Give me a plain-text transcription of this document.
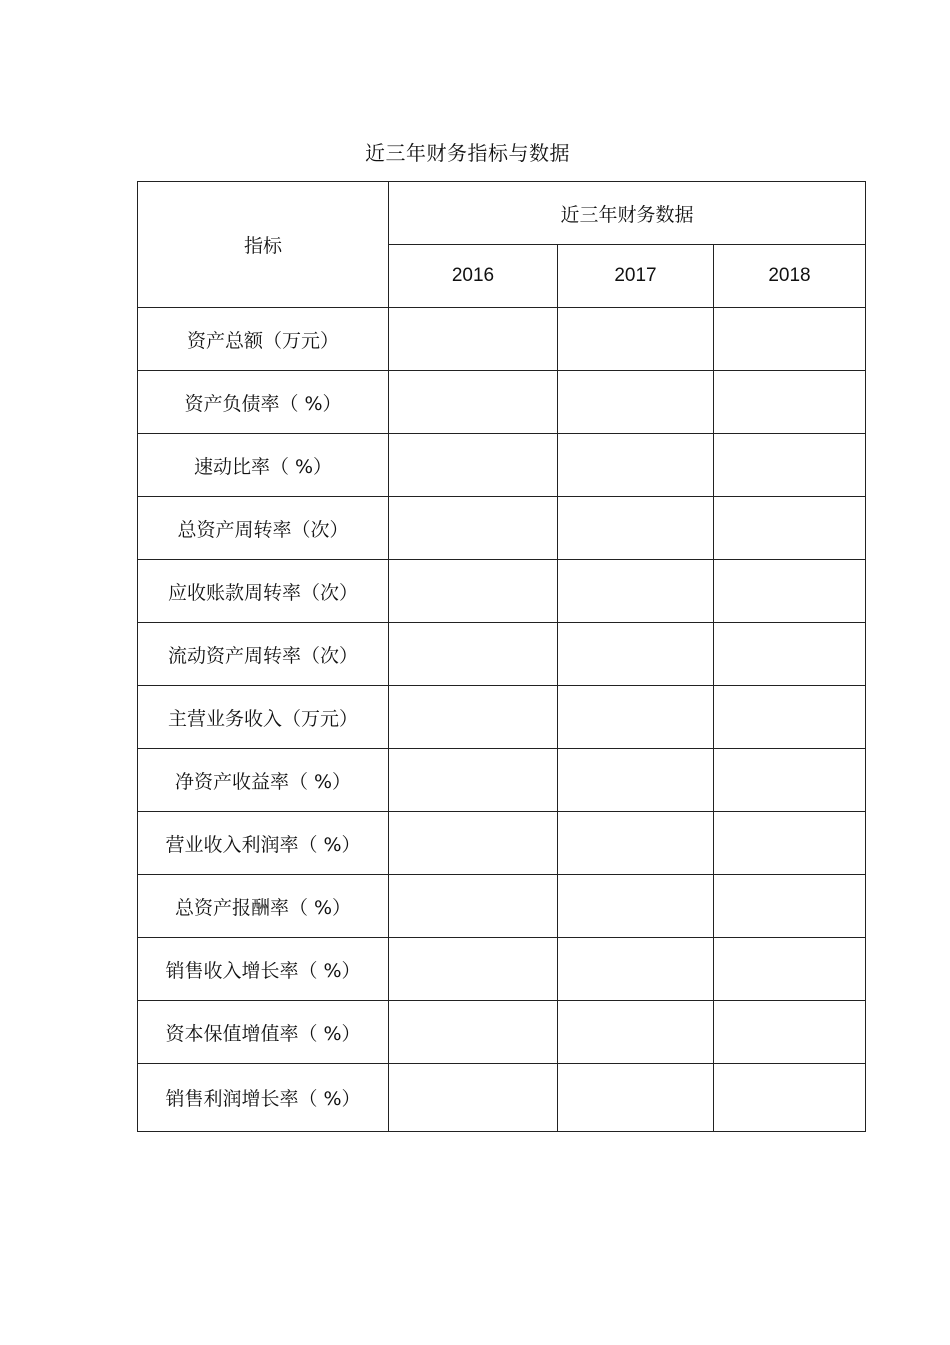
近三年财务指标与数据
指标	近三年财务数据		
	2016	2017	2018
资产总额（万元）			
资产负债率（ %）			
速动比率（ %）			
总资产周转率（次）			
应收账款周转率（次）			
流动资产周转率（次）			
主营业务收入（万元）			
净资产收益率（ %）			
营业收入利润率（ %）			
总资产报酬率（ %）			
销售收入增长率（ %）			
资本保值增值率（ %）			
销售利润增长率（ %）			
